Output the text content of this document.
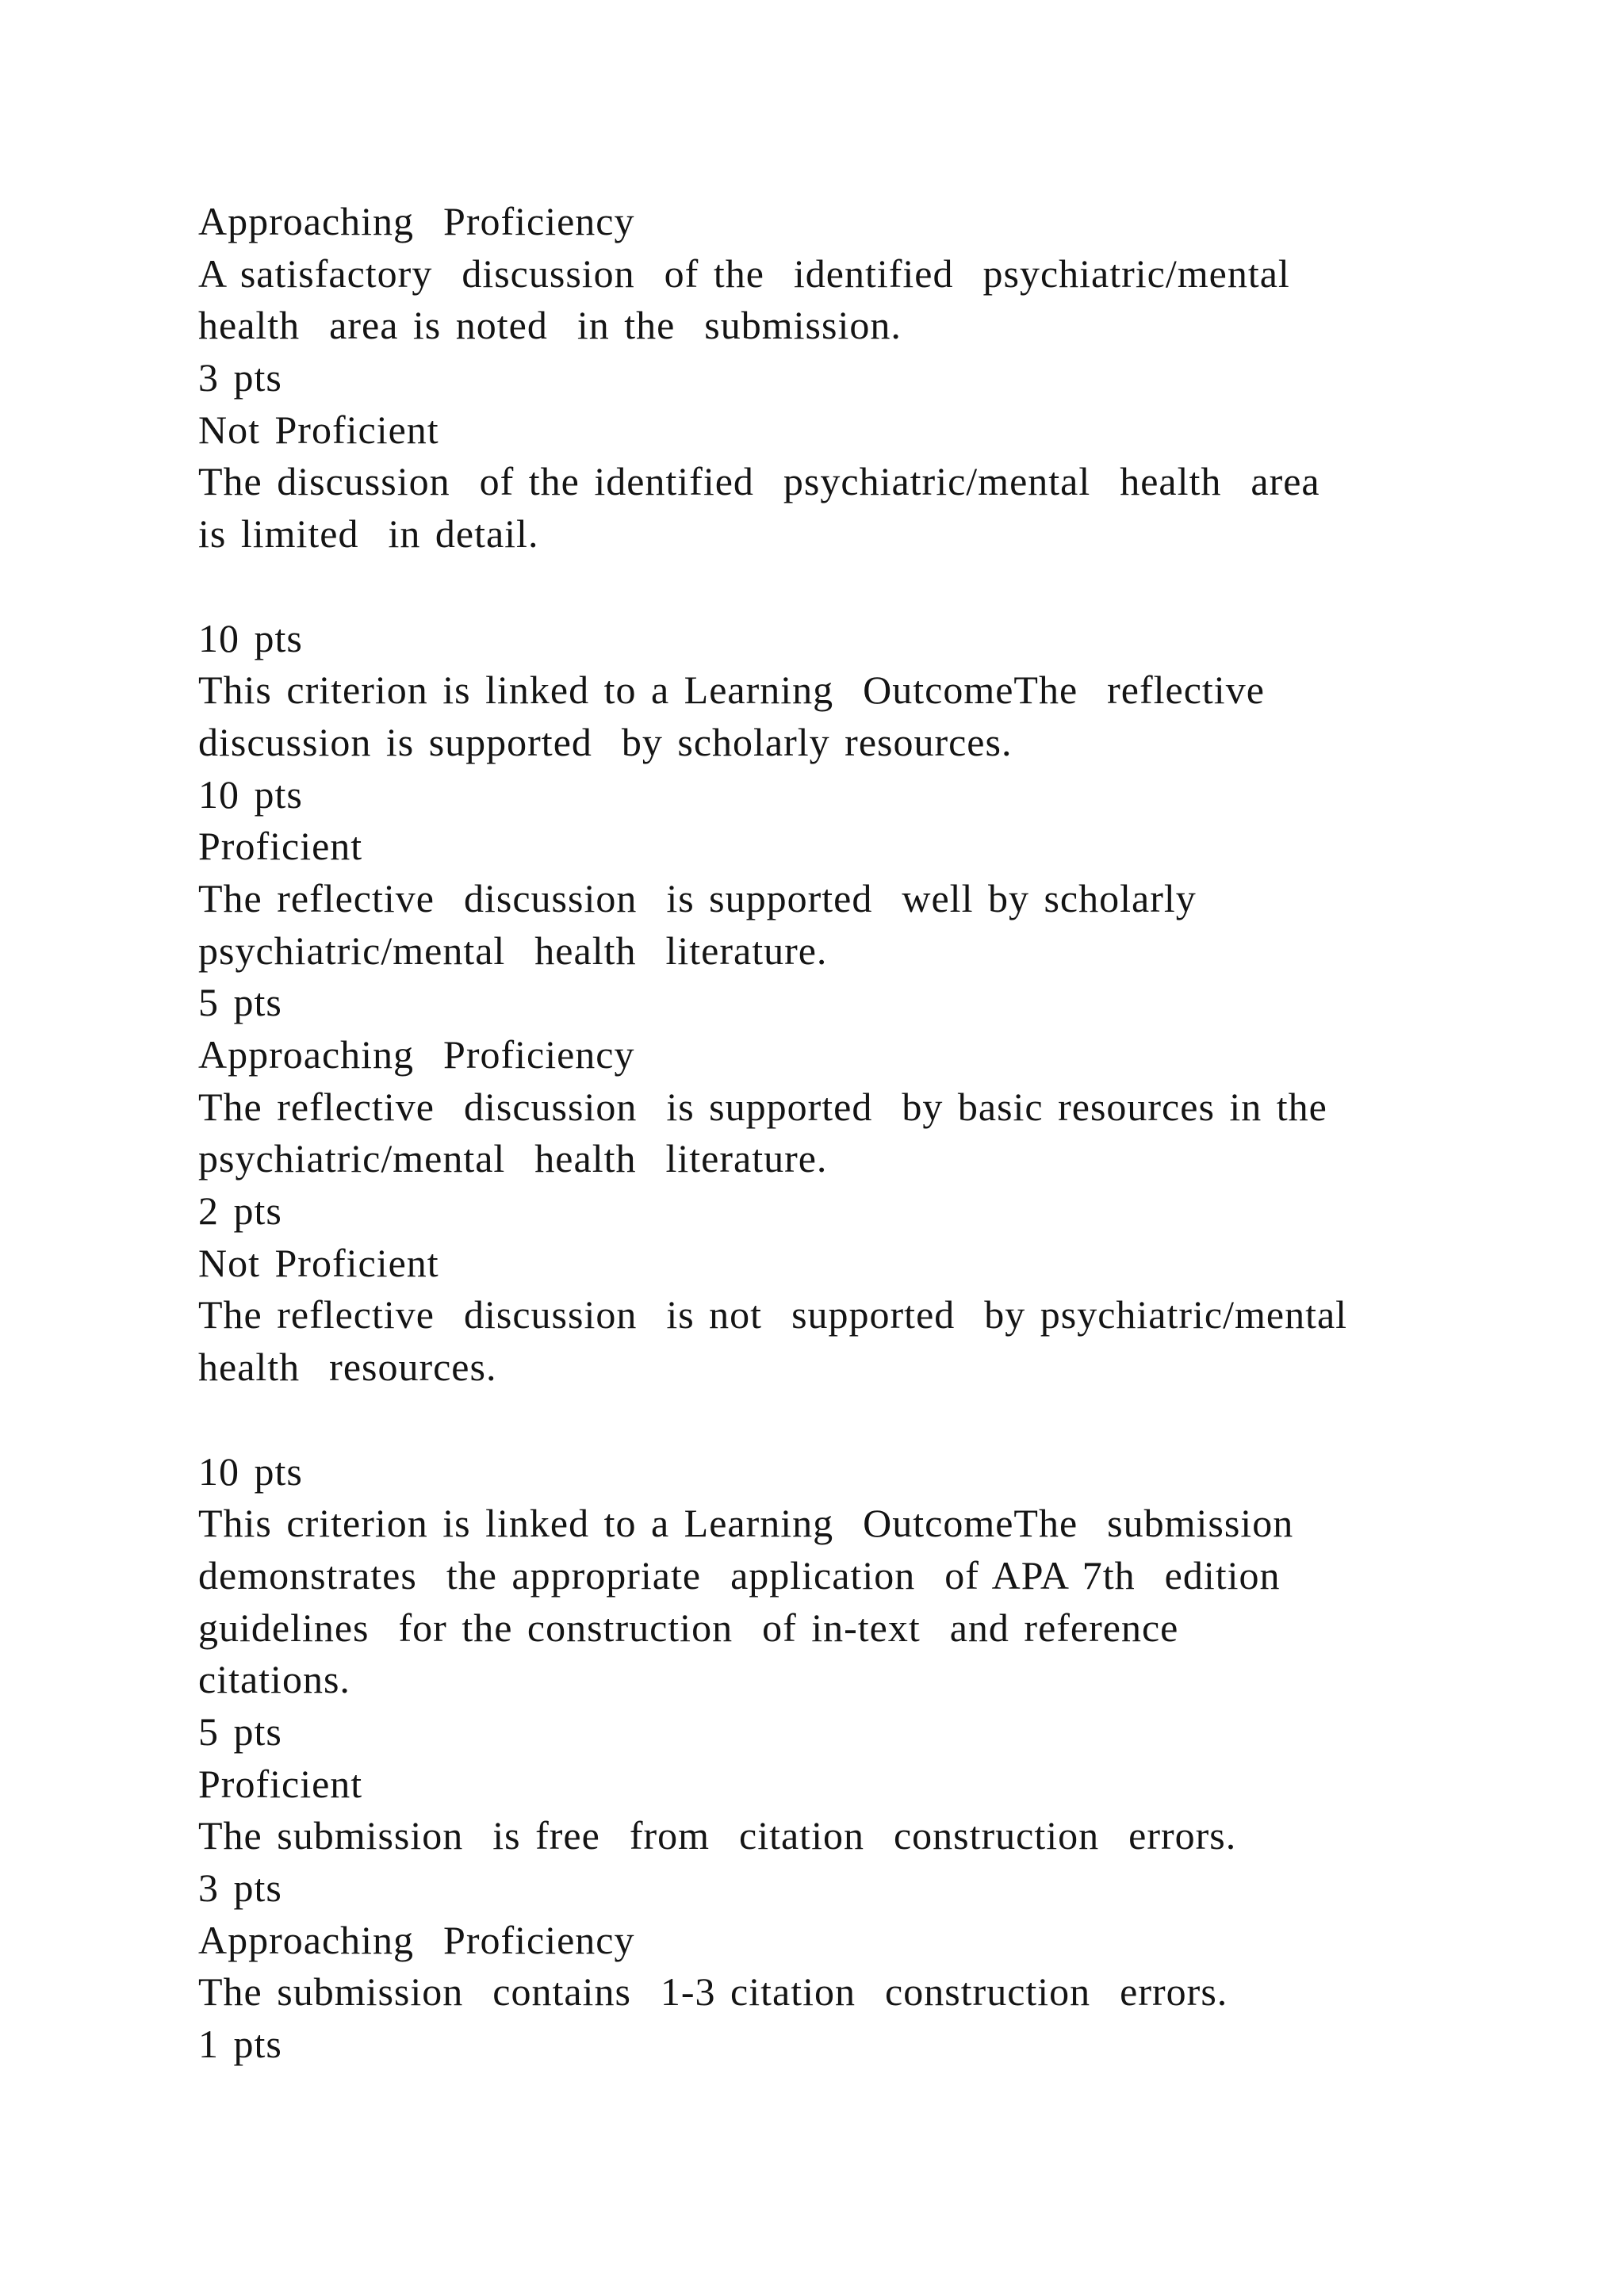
Approaching  Proficiency
A satisfactory  discussion  of the  identified  psychiatric/mental
health  area is noted  in the  submission.
3 pts
Not Proficient
The discussion  of the identified  psychiatric/mental  health  area
is limited  in detail.
10 pts
This criterion is linked to a Learning  OutcomeThe  reflective
discussion is supported  by scholarly resources.
10 pts
Proficient
The reflective  discussion  is supported  well by scholarly
psychiatric/mental  health  literature.
5 pts
Approaching  Proficiency
The reflective  discussion  is supported  by basic resources in the
psychiatric/mental  health  literature.
2 pts
Not Proficient
The reflective  discussion  is not  supported  by psychiatric/mental
health  resources.
10 pts
This criterion is linked to a Learning  OutcomeThe  submission
demonstrates  the appropriate  application  of APA 7th  edition
guidelines  for the construction  of in-text  and reference
citations.
5 pts
Proficient
The submission  is free  from  citation  construction  errors.
3 pts
Approaching  Proficiency
The submission  contains  1-3 citation  construction  errors.
1 pts
